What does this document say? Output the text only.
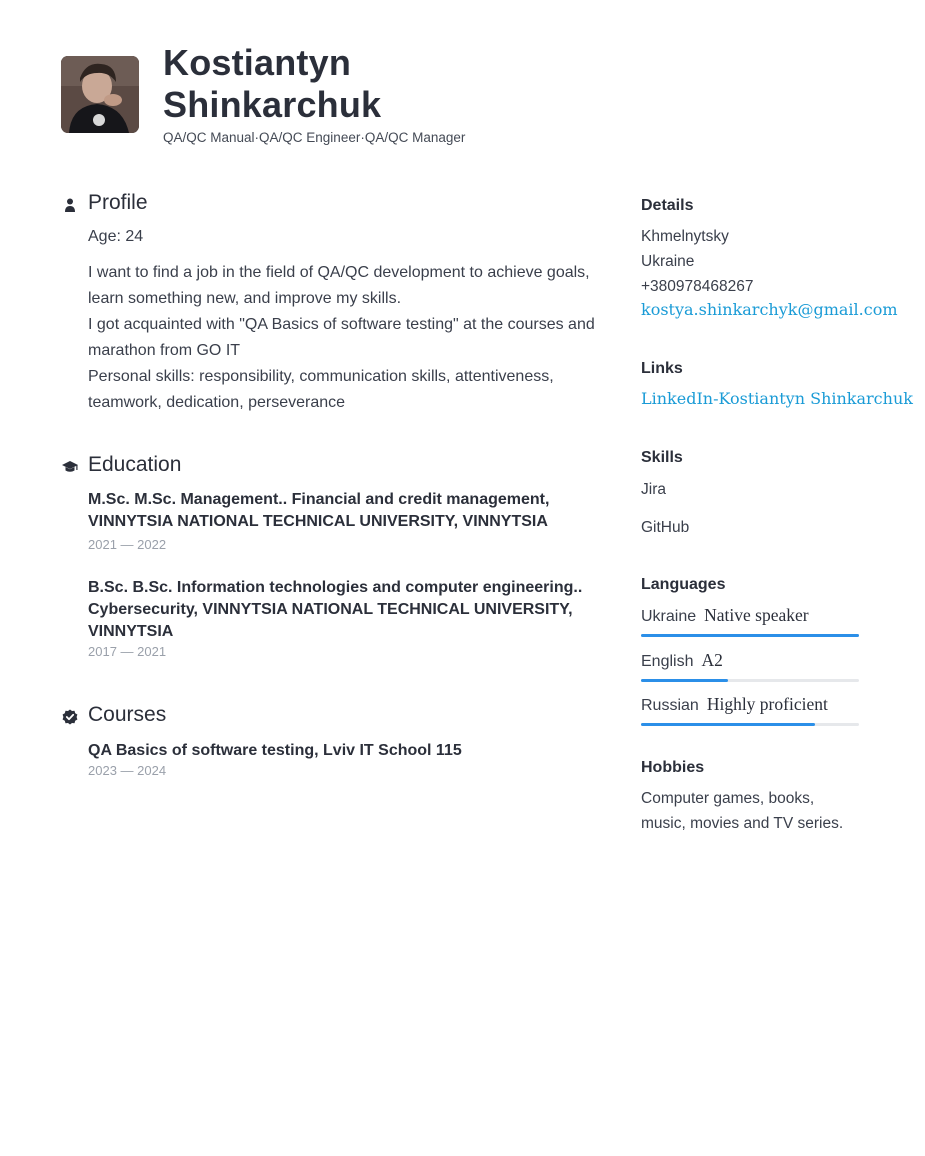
Kostiantyn
Shinkarchuk
QA/QC Manual·QA/QC Engineer·QA/QC Manager
Profile
Age: 24
I want to find a job in the field of QA/QC development to achieve goals,
learn something new, and improve my skills.
I got acquainted with "QA Basics of software testing" at the courses and
marathon from GO IT
Personal skills: responsibility, communication skills, attentiveness,
teamwork, dedication, perseverance
Education
M.Sc. M.Sc. Management.. Financial and credit management,
VINNYTSIA NATIONAL TECHNICAL UNIVERSITY, VINNYTSIA
2021 — 2022
B.Sc. B.Sc. Information technologies and computer engineering..
Cybersecurity, VINNYTSIA NATIONAL TECHNICAL UNIVERSITY,
VINNYTSIA
2017 — 2021
Courses
QA Basics of software testing, Lviv IT School 115
2023 — 2024
Details
Khmelnytsky
Ukraine
+380978468267
kostya.shinkarchyk@gmail.com
Links
LinkedIn-Kostiantyn Shinkarchuk
Skills
Jira
GitHub
Languages
Ukraine Native speaker
English A2
Russian Highly proficient
Hobbies
Computer games, books,
music, movies and TV series.
